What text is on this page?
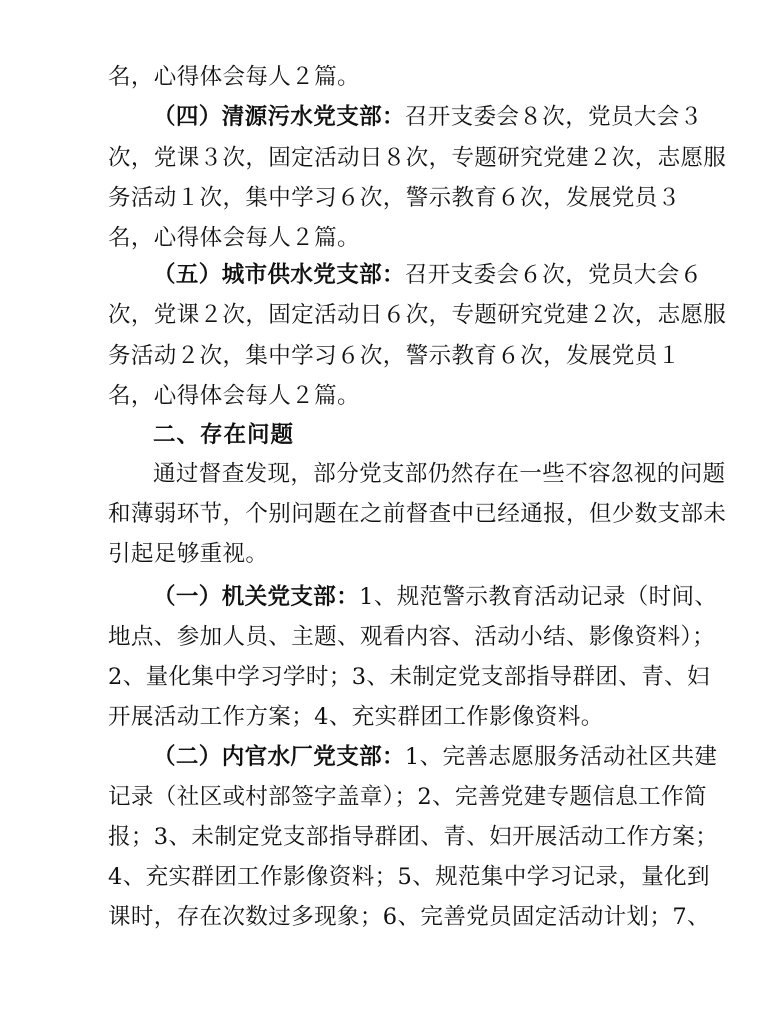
名，心得体会每人２篇。
（四）清源污水党支部：召开支委会８次，党员大会３
次，党课３次，固定活动日８次，专题研究党建２次，志愿服
务活动１次，集中学习６次，警示教育６次，发展党员３
名，心得体会每人２篇。
（五）城市供水党支部：召开支委会６次，党员大会６
次，党课２次，固定活动日６次，专题研究党建２次，志愿服
务活动２次，集中学习６次，警示教育６次，发展党员１
名，心得体会每人２篇。
二、存在问题
通过督查发现，部分党支部仍然存在一些不容忽视的问题
和薄弱环节，个别问题在之前督查中已经通报，但少数支部未
引起足够重视。
（一）机关党支部：1、规范警示教育活动记录（时间、
地点、参加人员、主题、观看内容、活动小结、影像资料）；
2、量化集中学习学时；3、未制定党支部指导群团、青、妇
开展活动工作方案；4、充实群团工作影像资料。
（二）内官水厂党支部：1、完善志愿服务活动社区共建
记录（社区或村部签字盖章）；2、完善党建专题信息工作简
报；3、未制定党支部指导群团、青、妇开展活动工作方案；
4、充实群团工作影像资料；5、规范集中学习记录，量化到
课时，存在次数过多现象；6、完善党员固定活动计划；7、
